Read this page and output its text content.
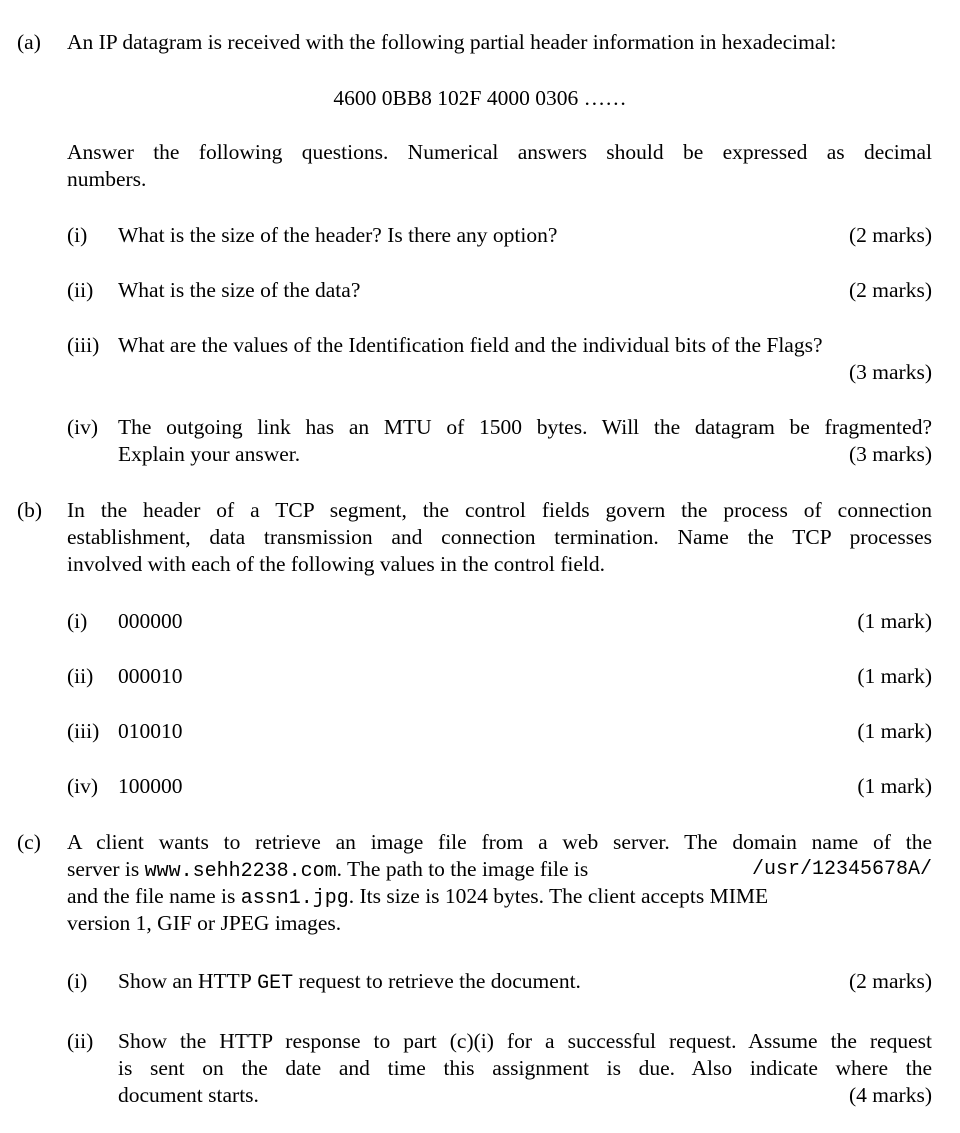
(a) An IP datagram is received with the following partial header information in hexadecimal:
4600 0BB8 102F 4000 0306 ……
Answer the following questions. Numerical answers should be expressed as decimal
numbers.
(i) What is the size of the header? Is there any option?	(2 marks)
(ii) What is the size of the data?	(2 marks)
(iii) What are the values of the Identification field and the individual bits of the Flags?
(3 marks)
(iv) The outgoing link has an MTU of 1500 bytes. Will the datagram be fragmented?
Explain your answer.	(3 marks)
(b) In the header of a TCP segment, the control fields govern the process of connection
establishment, data transmission and connection termination. Name the TCP processes
involved with each of the following values in the control field.
(i) 000000	(1 mark)
(ii) 000010	(1 mark)
(iii) 010010	(1 mark)
(iv) 100000	(1 mark)
(c) A client wants to retrieve an image file from a web server. The domain name of the
server is www.sehh2238.com. The path to the image file is	/usr/12345678A/
and the file name is assn1.jpg. Its size is 1024 bytes. The client accepts MIME
version 1, GIF or JPEG images.
(i) Show an HTTP GET request to retrieve the document.	(2 marks)
(ii) Show the HTTP response to part (c)(i) for a successful request. Assume the request
is sent on the date and time this assignment is due. Also indicate where the
document starts.	(4 marks)
